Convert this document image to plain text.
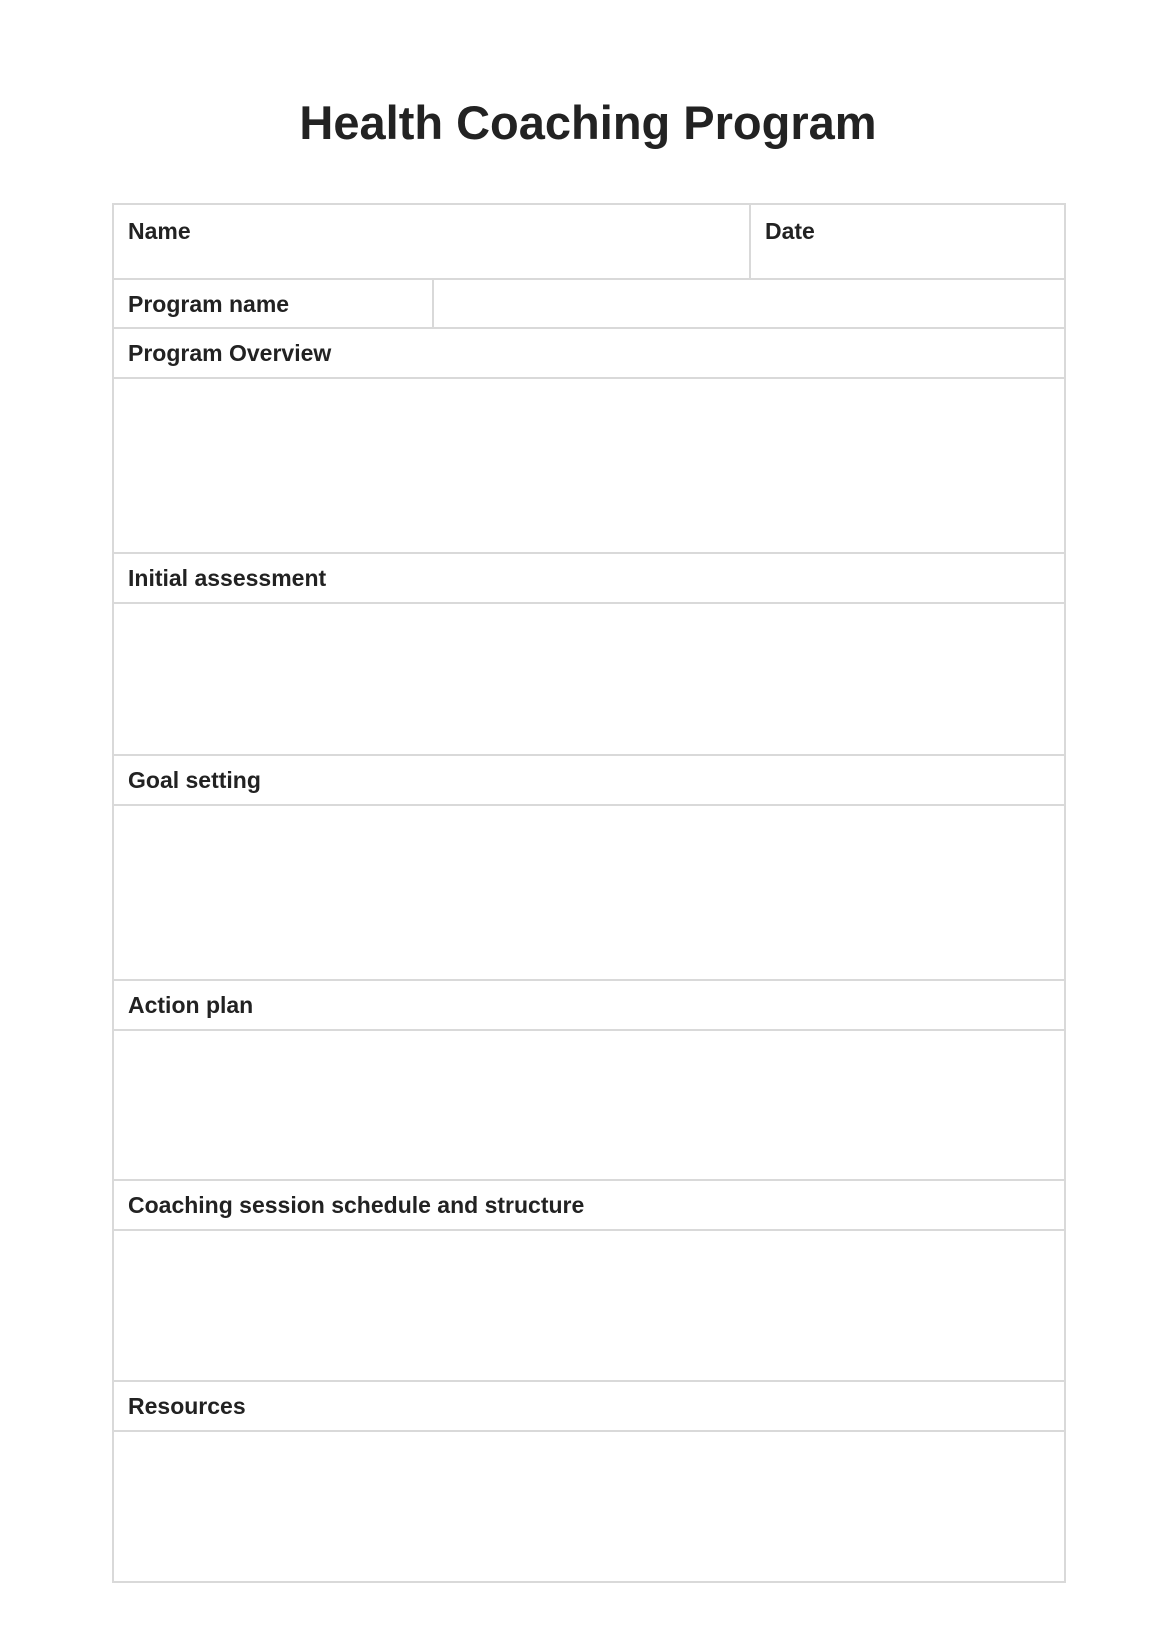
Health Coaching Program
Name	Date
Program name
Program Overview
Initial assessment
Goal setting
Action plan
Coaching session schedule and structure
Resources
